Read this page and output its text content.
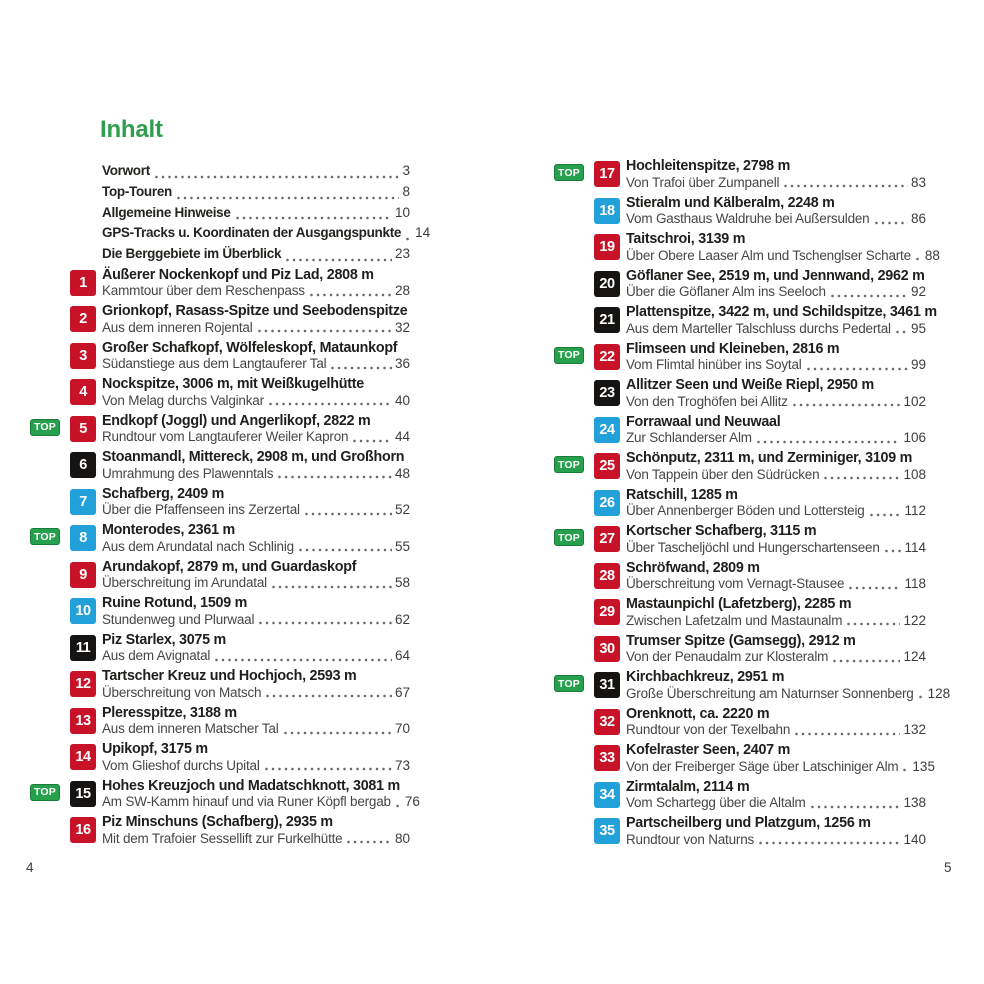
Inhalt
Vorwort	3
Top-Touren	8
Allgemeine Hinweise	10
GPS-Tracks u. Koordinaten der Ausgangspunkte 14
Die Berggebiete im Überblick	23
1	Äußerer Nockenkopf und Piz Lad, 2808 m
Kammtour über dem Reschenpass	28
2	Grionkopf, Rasass-Spitze und Seebodenspitze
Aus dem inneren Rojental	32
3	Großer Schafkopf, Wölfeleskopf, Mataunkopf
Südanstiege aus dem Langtauferer Tal	36
4	Nockspitze, 3006 m, mit Weißkugelhütte
Von Melag durchs Valginkar	40
TOP	5	Endkopf (Joggl) und Angerlikopf, 2822 m
Rundtour vom Langtauferer Weiler Kapron	44
6	Stoanmandl, Mittereck, 2908 m, und Großhorn
Umrahmung des Plawenntals	48
7	Schafberg, 2409 m
Über die Pfaffenseen ins Zerzertal	52
TOP	8	Monterodes, 2361 m
Aus dem Arundatal nach Schlinig	55
9	Arundakopf, 2879 m, und Guardaskopf
Überschreitung im Arundatal	58
10 Ruine Rotund, 1509 m
Stundenweg und Plurwaal	62
11 Piz Starlex, 3075 m
Aus dem Avignatal	64
12 Tartscher Kreuz und Hochjoch, 2593 m
Überschreitung von Matsch	67
13 Pleresspitze, 3188 m
Aus dem inneren Matscher Tal	70
14 Upikopf, 3175 m
Vom Glieshof durchs Upital	73
TOP	15 Hohes Kreuzjoch und Madatschknott, 3081 m
Am SW-Kamm hinauf und via Runer Köpfl bergab 76
16 Piz Minschuns (Schafberg), 2935 m
Mit dem Trafoier Sessellift zur Furkelhütte	80
TOP	17 Hochleitenspitze, 2798 m
Von Trafoi über Zumpanell	83
18 Stieralm und Kälberalm, 2248 m
Vom Gasthaus Waldruhe bei Außersulden	86
19 Taitschroi, 3139 m
Über Obere Laaser Alm und Tschenglser Scharte 88
20 Göflaner See, 2519 m, und Jennwand, 2962 m
Über die Göflaner Alm ins Seeloch	92
21 Plattenspitze, 3422 m, und Schildspitze, 3461 m
Aus dem Marteller Talschluss durchs Pedertal 95
TOP	22 Flimseen und Kleineben, 2816 m
Vom Flimtal hinüber ins Soytal	99
23 Allitzer Seen und Weiße Riepl, 2950 m
Von den Troghöfen bei Allitz	102
24 Forrawaal und Neuwaal
Zur Schlanderser Alm	106
TOP	25 Schönputz, 2311 m, und Zerminiger, 3109 m
Von Tappein über den Südrücken	108
26 Ratschill, 1285 m
Über Annenberger Böden und Lottersteig	112
TOP	27 Kortscher Schafberg, 3115 m
Über Tascheljöchl und Hungerschartenseen 114
28 Schröfwand, 2809 m
Überschreitung vom Vernagt-Stausee	118
29 Mastaunpichl (Lafetzberg), 2285 m
Zwischen Lafetzalm und Mastaunalm	122
30 Trumser Spitze (Gamsegg), 2912 m
Von der Penaudalm zur Klosteralm	124
TOP	31 Kirchbachkreuz, 2951 m
Große Überschreitung am Naturnser Sonnenberg 128
32 Orenknott, ca. 2220 m
Rundtour von der Texelbahn	132
33 Kofelraster Seen, 2407 m
Von der Freiberger Säge über Latschiniger Alm 135
34 Zirmtalalm, 2114 m
Vom Schartegg über die Altalm	138
35 Partscheilberg und Platzgum, 1256 m
Rundtour von Naturns	140
4	5
